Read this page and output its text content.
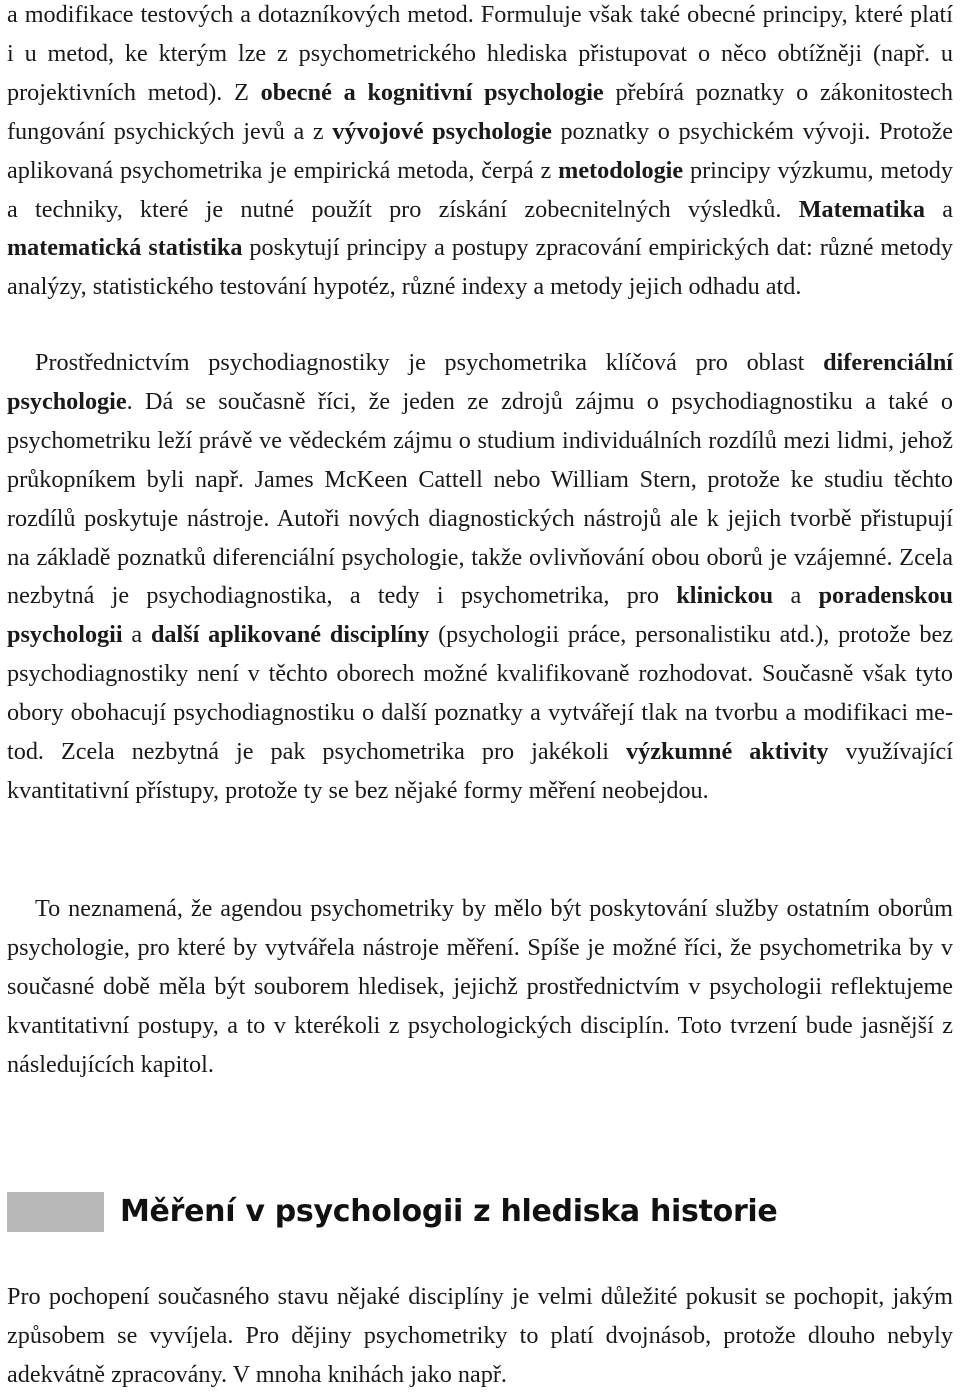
a modifikace testových a dotazníkových metod. Formuluje však také obecné principy, které platí i u metod, ke kterým lze z psychometrického hlediska přistupovat o něco obtížněji (např. u projektivních metod). Z obecné a kognitivní psychologie přebírá poznatky o zákonitostech fungování psychických jevů a z vývojové psychologie poznatky o psychickém vývoji. Protože aplikovaná psychometrika je empirická metoda, čerpá z metodologie principy výzkumu, metody a techniky, které je nutné použít pro získání zobecnitelných výsledků. Matematika a matematická statistika poskytují principy a postupy zpracování empirických dat: různé metody analýzy, statistického testování hypotéz, různé indexy a metody jejich odhadu atd.

Prostřednictvím psychodiagnostiky je psychometrika klíčová pro oblast diferenciální psychologie. Dá se současně říci, že jeden ze zdrojů zájmu o psychodiagnostiku a také o psychometriku leží právě ve vědeckém zájmu o studium individuálních rozdílů mezi lidmi, jehož průkopníkem byli např. James McKeen Cattell nebo William Stern, protože ke studiu těchto rozdílů poskytuje nástroje. Autoři nových diagnostických nástrojů ale k jejich tvorbě přistupují na základě poznatků diferenciální psychologie, takže ovlivňování obou oborů je vzájemné. Zcela nezbytná je psychodiagnostika, a tedy i psychometrika, pro klinickou a poradenskou psychologii a další aplikované disciplíny (psychologii práce, personalistiku atd.), protože bez psychodiagnostiky není v těchto oborech možné kvalifikovaně rozhodovat. Současně však tyto obory obohacují psychodiagnostiku o další poznatky a vytvářejí tlak na tvorbu a modifikaci metod. Zcela nezbytná je pak psychometrika pro jakékoli výzkumné aktivity využívající kvantitativní přístupy, protože ty se bez nějaké formy měření neobejdou.

To neznamená, že agendou psychometriky by mělo být poskytování služby ostatním oborům psychologie, pro které by vytvářela nástroje měření. Spíše je možné říci, že psychometrika by v současné době měla být souborem hledisek, jejichž prostřednictvím v psychologii reflektujeme kvantitativní postupy, a to v kterékoli z psychologických disciplín. Toto tvrzení bude jasnější z následujících kapitol.

Měření v psychologii z hlediska historie

Pro pochopení současného stavu nějaké disciplíny je velmi důležité pokusit se pochopit, jakým způsobem se vyvíjela. Pro dějiny psychometriky to platí dvojnásob, protože dlouho nebyly adekvátně zpracovány. V mnoha knihách jako např.
